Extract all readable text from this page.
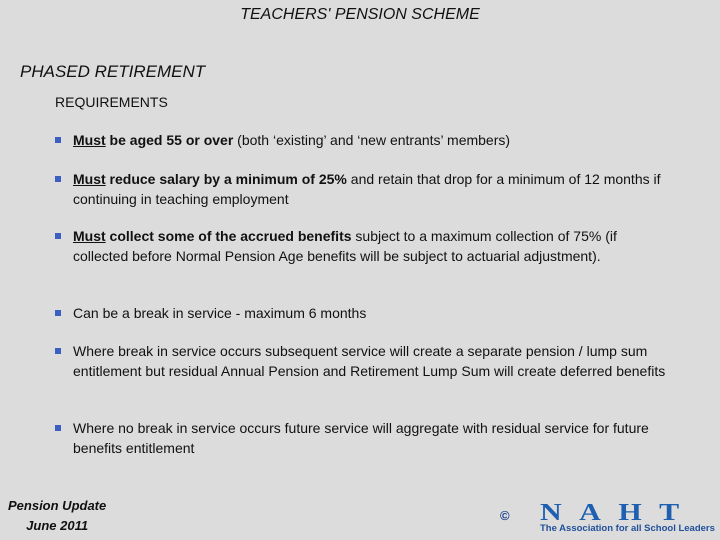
TEACHERS' PENSION SCHEME
PHASED RETIREMENT
REQUIREMENTS
Must be aged 55 or over (both ‘existing’ and ‘new entrants’ members)
Must reduce salary by a minimum of 25% and retain that drop for a minimum of 12 months if continuing in teaching employment
Must collect some of the accrued benefits subject to a maximum collection of 75% (if collected before Normal Pension Age benefits will be subject to actuarial adjustment).
Can be a break in service - maximum 6 months
Where break in service occurs subsequent service will create a separate pension / lump sum entitlement but residual Annual Pension and Retirement Lump Sum will create deferred benefits
Where no break in service occurs future service will aggregate with residual service for future benefits entitlement
Pension Update
June 2011
© NAHT
The Association for all School Leaders
